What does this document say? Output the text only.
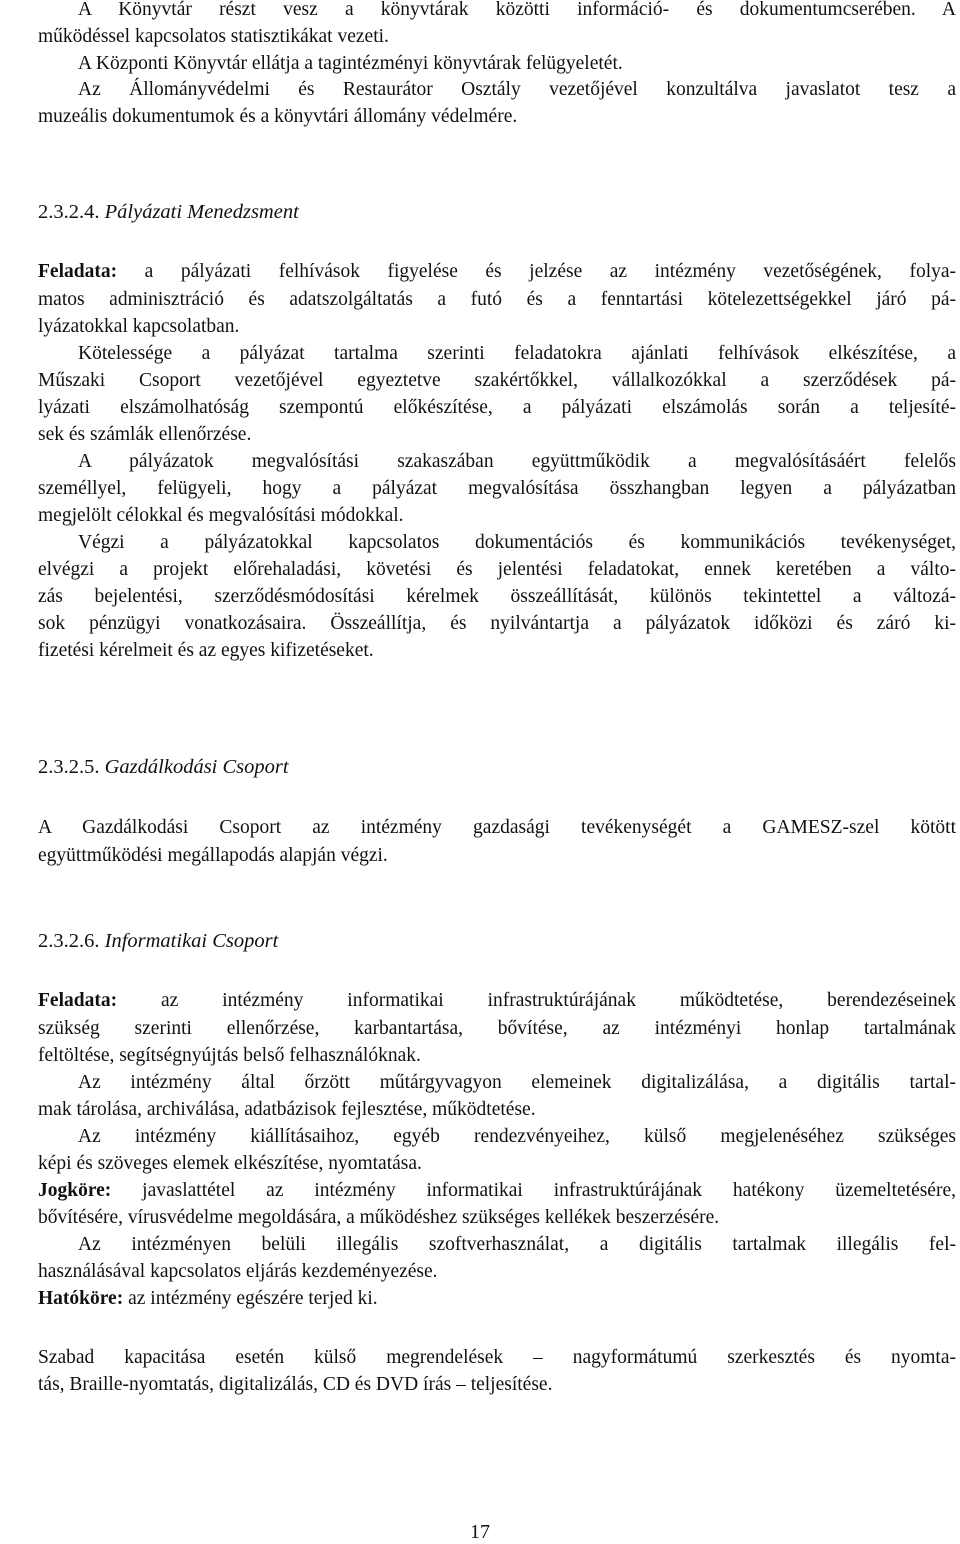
A Könyvtár részt vesz a könyvtárak közötti információ- és dokumentumcserében. A
működéssel kapcsolatos statisztikákat vezeti.
A Központi Könyvtár ellátja a tagintézményi könyvtárak felügyeletét.
Az Állományvédelmi és Restaurátor Osztály vezetőjével konzultálva javaslatot tesz a
muzeális dokumentumok és a könyvtári állomány védelmére.
2.3.2.4. Pályázati Menedzsment
Feladata: a pályázati felhívások figyelése és jelzése az intézmény vezetőségének, folya-
matos adminisztráció és adatszolgáltatás a futó és a fenntartási kötelezettségekkel járó pá-
lyázatokkal kapcsolatban.
Kötelessége a pályázat tartalma szerinti feladatokra ajánlati felhívások elkészítése, a
Műszaki Csoport vezetőjével egyeztetve szakértőkkel, vállalkozókkal a szerződések pá-
lyázati elszámolhatóság szempontú előkészítése, a pályázati elszámolás során a teljesíté-
sek és számlák ellenőrzése.
A pályázatok megvalósítási szakaszában együttműködik a megvalósításáért felelős
személlyel, felügyeli, hogy a pályázat megvalósítása összhangban legyen a pályázatban
megjelölt célokkal és megvalósítási módokkal.
Végzi a pályázatokkal kapcsolatos dokumentációs és kommunikációs tevékenységet,
elvégzi a projekt előrehaladási, követési és jelentési feladatokat, ennek keretében a válto-
zás bejelentési, szerződésmódosítási kérelmek összeállítását, különös tekintettel a változá-
sok pénzügyi vonatkozásaira. Összeállítja, és nyilvántartja a pályázatok időközi és záró ki-
fizetési kérelmeit és az egyes kifizetéseket.
2.3.2.5. Gazdálkodási Csoport
A Gazdálkodási Csoport az intézmény gazdasági tevékenységét a GAMESZ-szel kötött
együttműködési megállapodás alapján végzi.
2.3.2.6. Informatikai Csoport
Feladata: az intézmény informatikai infrastruktúrájának működtetése, berendezéseinek
szükség szerinti ellenőrzése, karbantartása, bővítése, az intézményi honlap tartalmának
feltöltése, segítségnyújtás belső felhasználóknak.
Az intézmény által őrzött műtárgyvagyon elemeinek digitalizálása, a digitális tartal-
mak tárolása, archiválása, adatbázisok fejlesztése, működtetése.
Az intézmény kiállításaihoz, egyéb rendezvényeihez, külső megjelenéséhez szükséges
képi és szöveges elemek elkészítése, nyomtatása.
Jogköre: javaslattétel az intézmény informatikai infrastruktúrájának hatékony üzemeltetésére,
bővítésére, vírusvédelme megoldására, a működéshez szükséges kellékek beszerzésére.
Az intézményen belüli illegális szoftverhasználat, a digitális tartalmak illegális fel-
használásával kapcsolatos eljárás kezdeményezése.
Hatóköre: az intézmény egészére terjed ki.
Szabad kapacitása esetén külső megrendelések – nagyformátumú szerkesztés és nyomta-
tás, Braille-nyomtatás, digitalizálás, CD és DVD írás – teljesítése.
17
